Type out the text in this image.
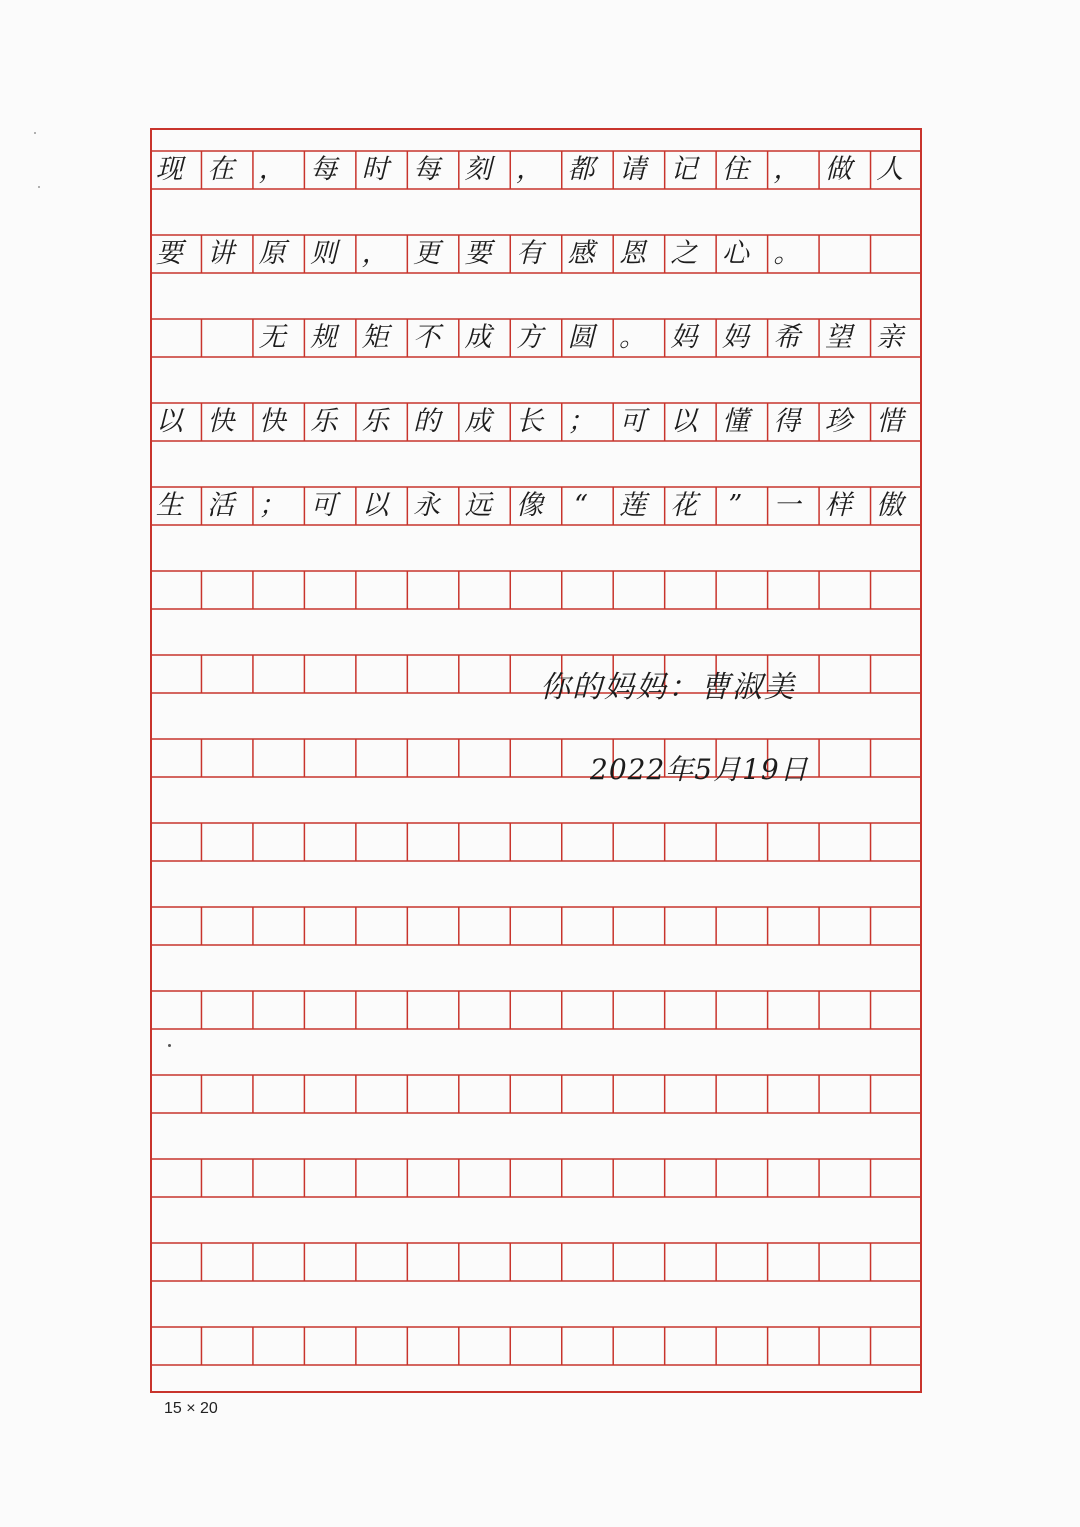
现 在 ， 每 时 每 刻 ， 都 请 记 住 ， 做 人
要 讲 原 则 ， 更 要 有 感 恩 之 心 。

无 规 矩 不 成 方 圆 。 妈 妈 希 望 亲
以 快 快 乐 乐 的 成 长 ； 可 以 懂 得 珍 惜
生 活 ； 可 以 永 远 像	“	莲 花	”	一 样 傲
你的妈妈：曹淑美
2022年5月19日
15 × 20
